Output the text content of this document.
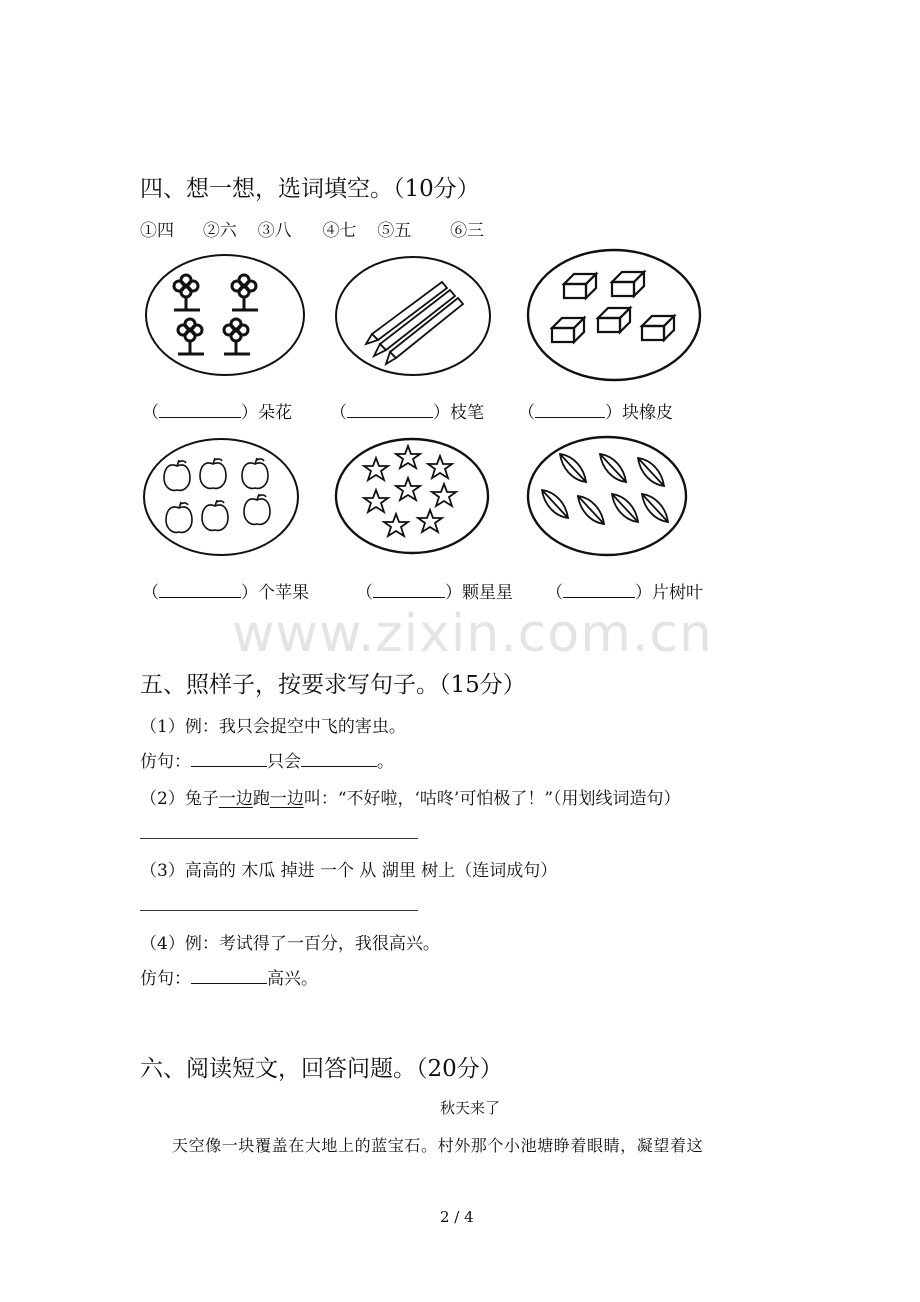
四、想一想，选词填空。（10分）
①四 ②六 ③八 ④七 ⑤五 ⑥三
（	）朵花 （	）枝笔 （	）块橡皮
（	）个苹果	（	）颗星星 （	）片树叶
www.zixin.com.cn
五、照样子，按要求写句子。（15分）
（1）例：我只会捉空中飞的害虫。
仿句：	只会	。
（2）兔子一边跑一边叫：“不好啦，‘咕咚’可怕极了！”（用划线词造句）
（3）高高的 木瓜 掉进 一个 从 湖里 树上（连词成句）
（4）例：考试得了一百分，我很高兴。
仿句：	高兴。
六、阅读短文，回答问题。（20分）
秋天来了
天空像一块覆盖在大地上的蓝宝石。村外那个小池塘睁着眼睛，凝望着这
2 / 4
